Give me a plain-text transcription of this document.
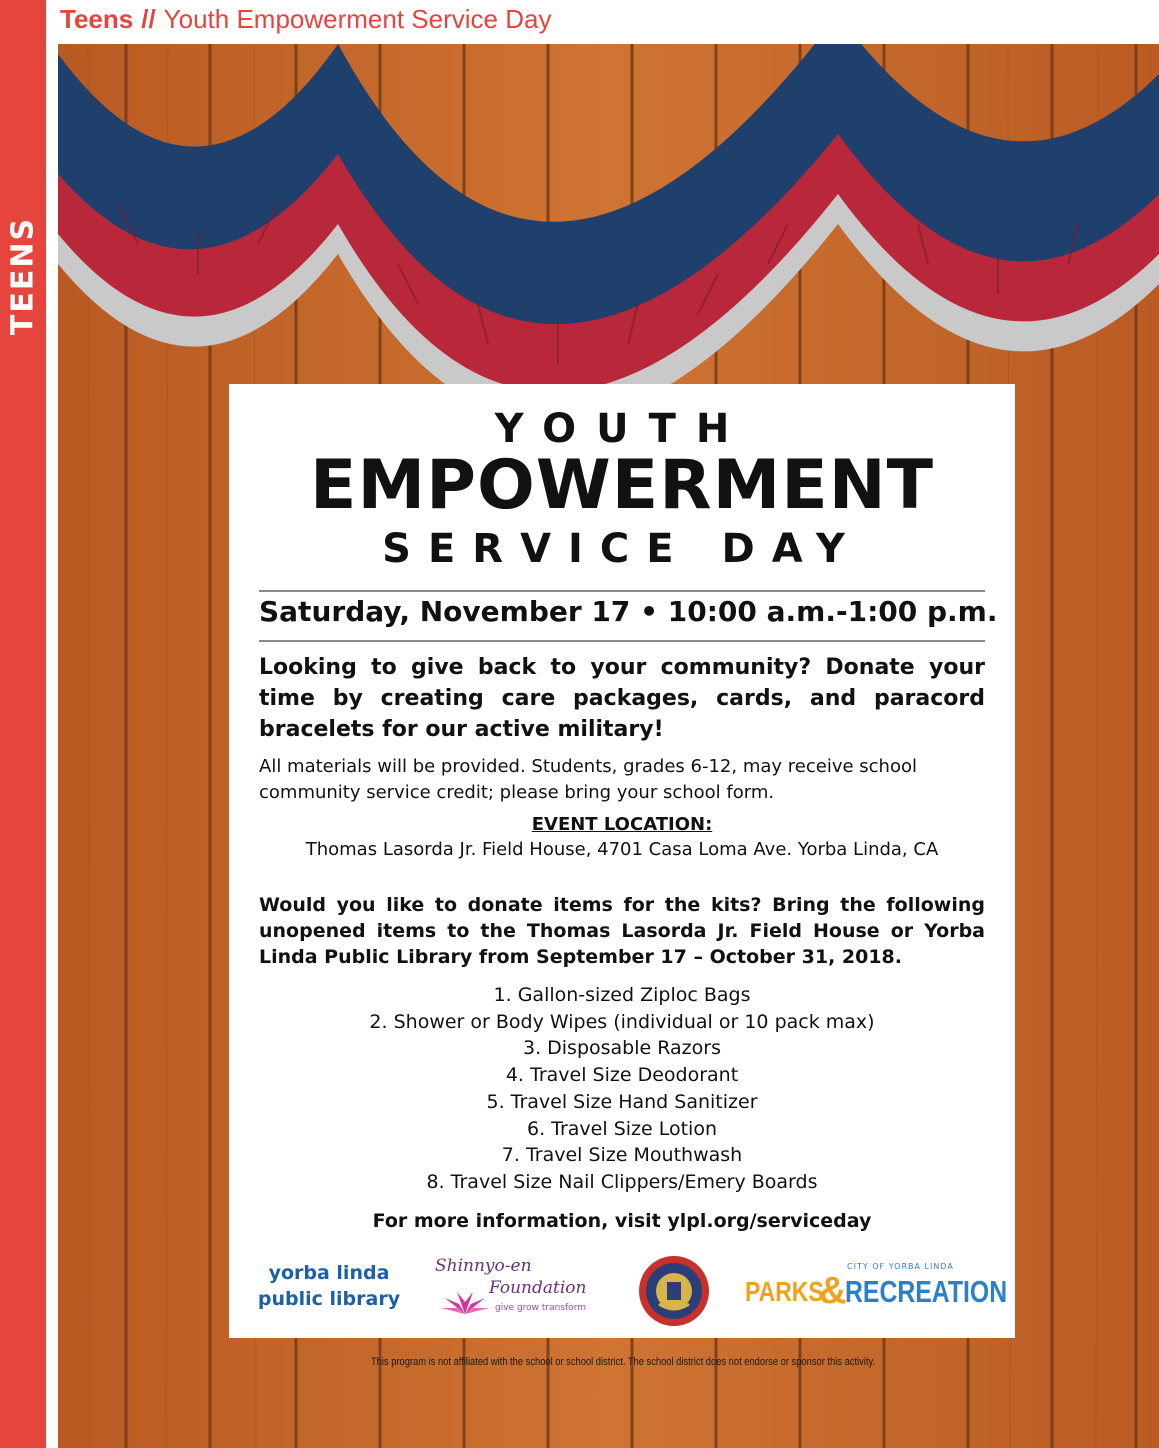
TEENS
Teens // Youth Empowerment Service Day
YOUTH
EMPOWERMENT
SERVICE DAY
Saturday, November 17 • 10:00 a.m.-1:00 p.m.
Looking to give back to your community? Donate your time by creating care packages, cards, and paracord bracelets for our active military!
All materials will be provided. Students, grades 6-12, may receive school community service credit; please bring your school form.
EVENT LOCATION:
Thomas Lasorda Jr. Field House, 4701 Casa Loma Ave. Yorba Linda, CA
Would you like to donate items for the kits? Bring the following unopened items to the Thomas Lasorda Jr. Field House or Yorba Linda Public Library from September 17 – October 31, 2018.
1. Gallon-sized Ziploc Bags
2. Shower or Body Wipes (individual or 10 pack max)
3. Disposable Razors
4. Travel Size Deodorant
5. Travel Size Hand Sanitizer
6. Travel Size Lotion
7. Travel Size Mouthwash
8. Travel Size Nail Clippers/Emery Boards
For more information, visit ylpl.org/serviceday
yorba linda
public library
Shinnyo-en
Foundation
give grow transform
CITY OF YORBA LINDA
PARKS
&
RECREATION
This program is not affiliated with the school or school district. The school district does not endorse or sponsor this activity.
